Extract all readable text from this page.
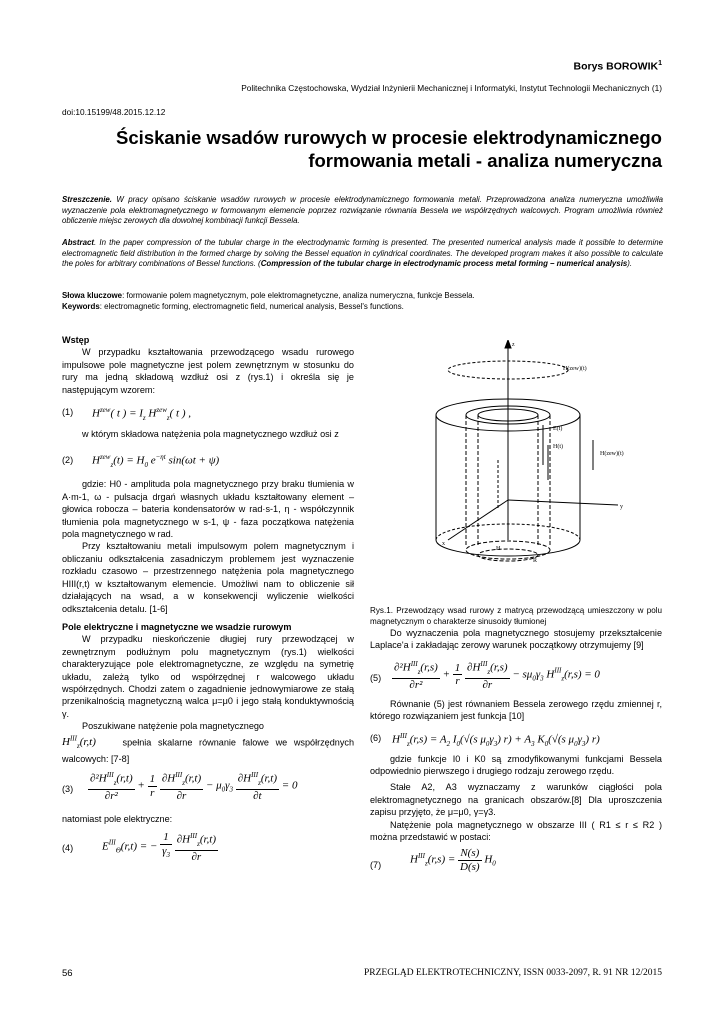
Borys BOROWIK$^1$
Politechnika Częstochowska, Wydział Inżynierii Mechanicznej i Informatyki, Instytut Technologii Mechanicznych (1)
doi:10.15199/48.2015.12.12
Ściskanie wsadów rurowych w procesie elektrodynamicznego
formowania metali - analiza numeryczna
Streszczenie. W pracy opisano ściskanie wsadów rurowych w procesie elektrodynamicznego formowania metali. Przeprowadzona analiza numeryczna umożliwiła wyznaczenie pola elektromagnetycznego w formowanym elemencie poprzez rozwiązanie równania Bessela we współrzędnych walcowych. Program umożliwia również obliczenie miejsc zerowych dla dowolnej kombinacji funkcji Bessela.
Abstract. In the paper compression of the tubular charge in the electrodynamic forming is presented. The presented numerical analysis made it possible to determine electromagnetic field distribution in the formed charge by solving the Bessel equation in cylindrical coordinates. The developed program makes it also possible to calculate the poles for arbitrary combinations of Bessel functions. (Compression of the tubular charge in electrodynamic process metal forming – numerical analysis).
Słowa kluczowe: formowanie polem magnetycznym, pole elektromagnetyczne, analiza numeryczna, funkcje Bessela.
Keywords: electromagnetic forming, electromagnetic field, numerical analysis, Bessel's functions.
Wstęp

W przypadku kształtowania przewodzącego wsadu rurowego impulsowe pole magnetyczne jest polem zewnętrznym w stosunku do rury ma jedną składową wzdłuż osi z (rys.1) i określa się je następującym wzorem:

(1) $H^{zew}$( t ) = $I_z$ $H^{zew}_z$( t ) ,

w którym składowa natężenia pola magnetycznego wzdłuż osi z

(2) $H^{zew}_z(t) = H_0$ $e^{-\eta t}$ sin(ωt + ψ)

gdzie: H0 - amplituda pola magnetycznego przy braku tłumienia w A·m-1, ω - pulsacja drgań własnych układu kształtowany element – głowica robocza – bateria kondensatorów w rad·s-1, η - współczynnik tłumienia pola magnetycznego w s-1, ψ - faza początkowa natężenia pola magnetycznego w rad.

Przy kształtowaniu metali impulsowym polem magnetycznym i obliczaniu odkształcenia zasadniczym problemem jest wyznaczenie rozkładu czasowo – przestrzennego natężenia pola magnetycznego HIII(r,t) w kształtowanym elemencie. Umożliwi nam to obliczenie sił działających na wsad, a w konsekwencji wyliczenie wielkości odkształcenia detalu. [1-6]

Pole elektryczne i magnetyczne we wsadzie rurowym

W przypadku nieskończenie długiej rury przewodzącej w zewnętrznym podłużnym polu magnetycznym (rys.1) wielkości charakteryzujące pole elektromagnetyczne, ze względu na symetrię układu, zależą tylko od współrzędnej r walcowego układu współrzędnych. Chodzi zatem o zagadnienie jednowymiarowe ze stałą przenikalnością magnetyczną walca μ=μ0 i jego stałą konduktywnością γ.

Poszukiwane natężenie pola magnetycznego

$H^{III}_z(r,t)$	spełnia skalarne równanie falowe we współrzędnych walcowych: [7-8]

$(3) \frac{\partial^2H^{III}_z(r,t)}{\text{∂r²}} + \frac{1}{r}$
$\frac{\partial H^{III}_z(r,t)}{\partial r} - \mu_0\gamma_3 \frac{\partial H^{III}_z(r,t)}{\partial t} = 0$

natomiast pole elektryczne:

(4)	$E^{III}_\Theta(r,t)$ = − $\frac{1}{\gamma_3}$
$\frac{\partial H^{III}_z(r,t)}{\partial r}$
z
H(zew)(t)
H(zew)(t)
E(t)
H(t)
y
x
H
R

Rys.1. Przewodzący wsad rurowy z matrycą przewodzącą umieszczony w polu magnetycznym o charakterze sinusoidy tłumionej

Do wyznaczenia pola magnetycznego stosujemy przekształcenie Laplace'a i zakładając zerowy warunek początkowy otrzymujemy [9]

$(5) \frac{\partial^2H^{III}_z(r,s)}{\text{∂r²}} + \frac{1}{r}$
$\frac{\partial H^{III}_z(r,s)}{\partial r} - s\mu_0\gamma_3$ $H^{III}_z(r,s) = 0$

Równanie (5) jest równaniem Bessela zerowego rzędu zmiennej r, którego rozwiązaniem jest funkcja [10]

(6) $H^{III}_z(r,s) = A_2$ $I_0(√(s$ $\mu_0\gamma_3$) $r) + A_3$ $K_0(√(s$ $\mu_0\gamma_3$) r)

gdzie funkcje I0 i K0 są zmodyfikowanymi funkcjami Bessela odpowiednio pierwszego i drugiego rodzaju zerowego rzędu.

Stałe A2, A3 wyznaczamy z warunków ciągłości pola elektromagnetycznego na granicach obszarów.[8] Dla uproszczenia zapisu przyjęto, że μ=μ0, γ=γ3.

Natężenie pola magnetycznego w obszarze III ( R1 ≤ r ≤ R2 ) można przedstawić w postaci:

(7)	$H^{III}_z(r,s) = \frac{N(s)}{D(s)} H_0$
56	PRZEGLĄD ELEKTROTECHNICZNY, ISSN 0033-2097, R. 91 NR 12/2015
